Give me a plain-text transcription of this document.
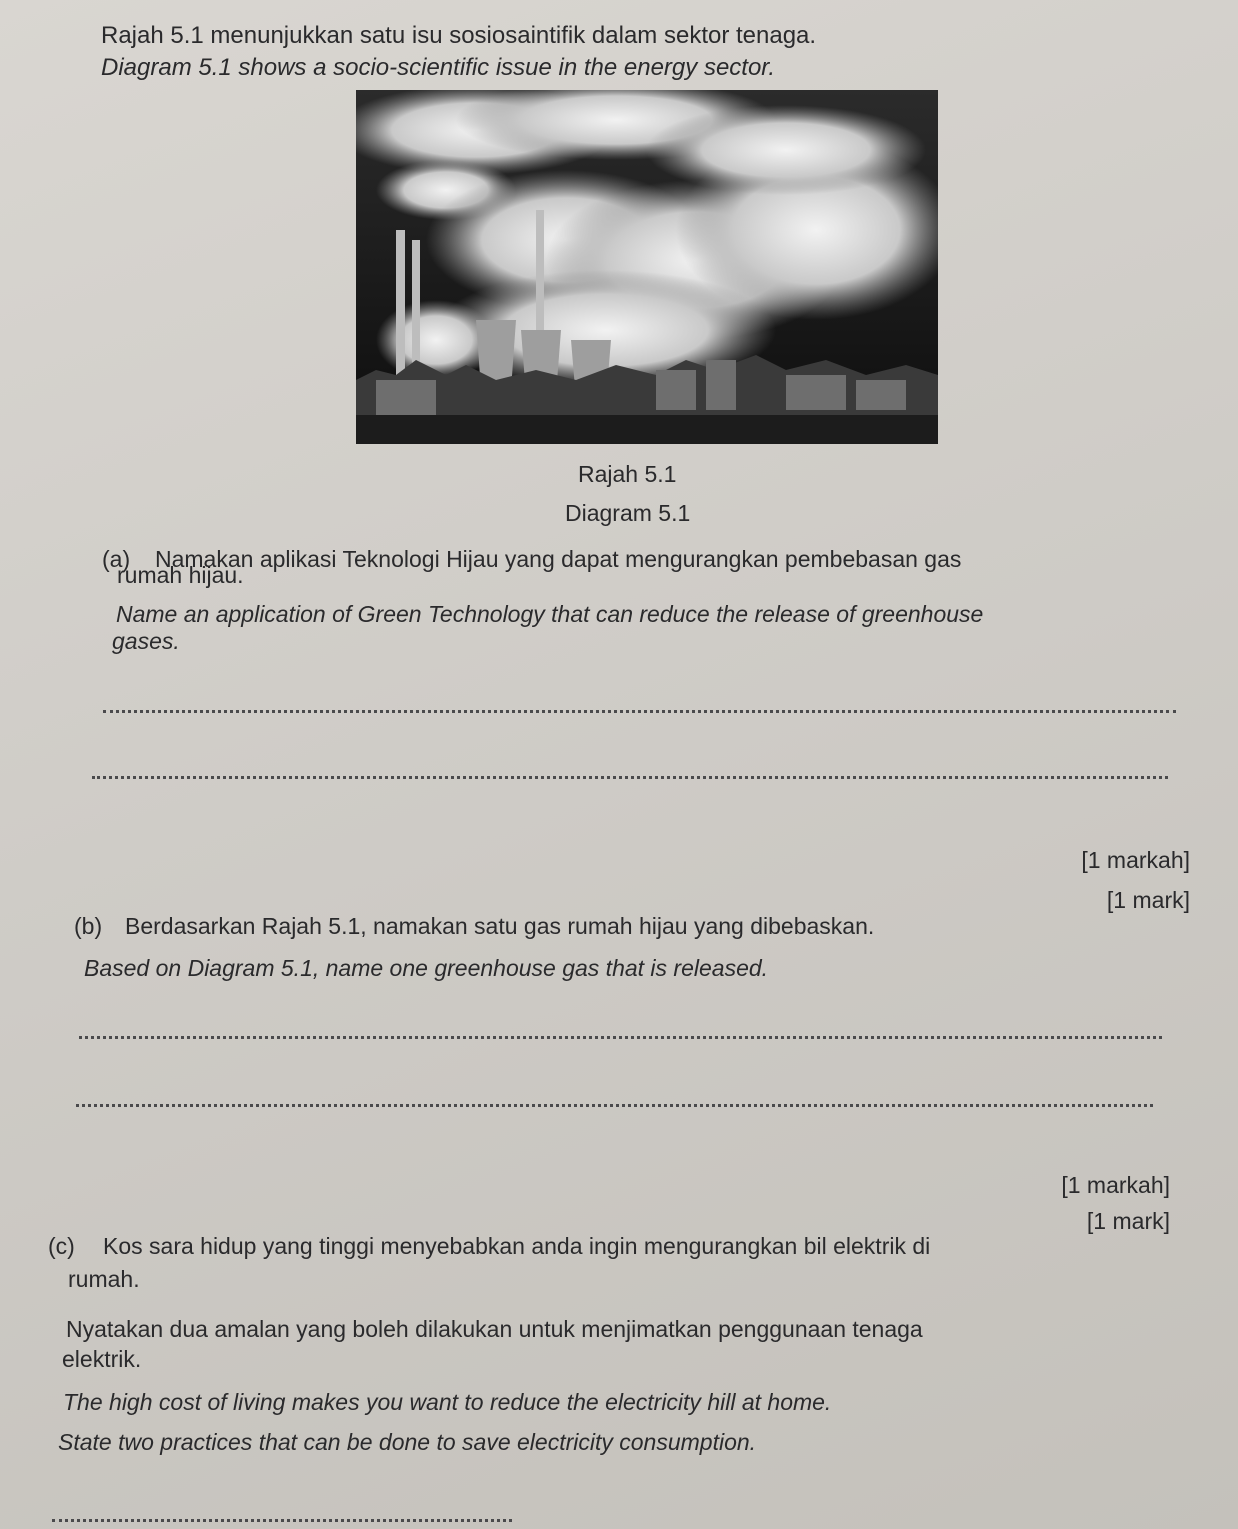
Rajah 5.1 menunjukkan satu isu sosiosaintifik dalam sektor tenaga.
Diagram 5.1 shows a socio-scientific issue in the energy sector.
Rajah 5.1
Diagram 5.1
(a) Namakan aplikasi Teknologi Hijau yang dapat mengurangkan pembebasan gas
rumah hijau.
Name an application of Green Technology that can reduce the release of greenhouse
gases.
[1 markah]
[1 mark]
(b) Berdasarkan Rajah 5.1, namakan satu gas rumah hijau yang dibebaskan.
Based on Diagram 5.1, name one greenhouse gas that is released.
[1 markah]
[1 mark]
(c) Kos sara hidup yang tinggi menyebabkan anda ingin mengurangkan bil elektrik di
rumah.
Nyatakan dua amalan yang boleh dilakukan untuk menjimatkan penggunaan tenaga
elektrik.
The high cost of living makes you want to reduce the electricity hill at home.
State two practices that can be done to save electricity consumption.
